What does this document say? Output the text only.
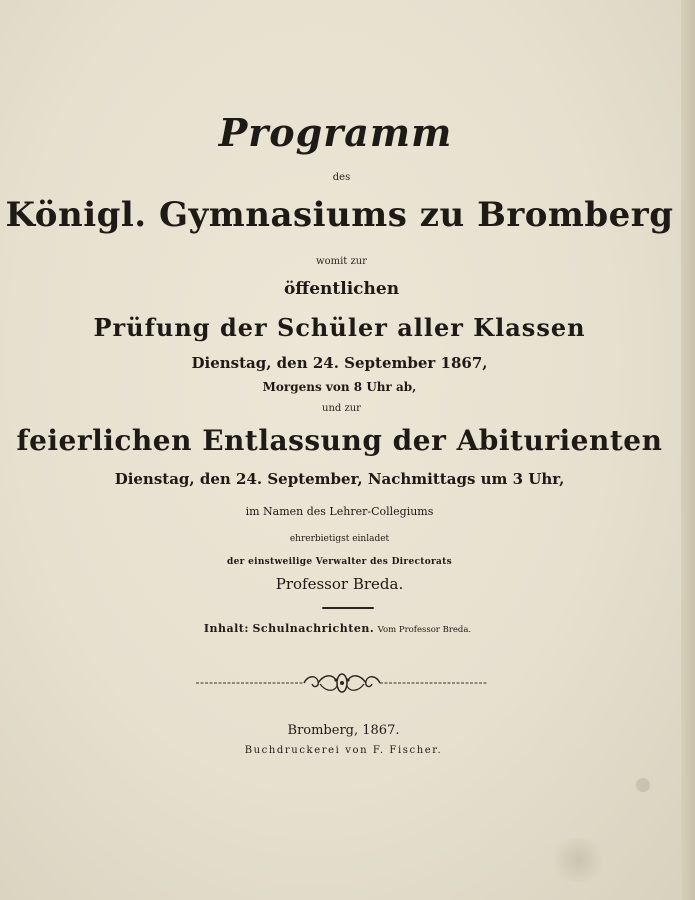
Programm
des
Königl. Gymnasiums zu Bromberg

womit zur
öffentlichen
Prüfung der Schüler aller Klassen
Dienstag, den 24. September 1867,
Morgens von 8 Uhr ab,
und zur
feierlichen Entlassung der Abiturienten
Dienstag, den 24. September, Nachmittags um 3 Uhr,
im Namen des Lehrer-Collegiums
ehrerbietigst einladet
der einstweilige Verwalter des Directorats
Professor Breda.
Inhalt: Schulnachrichten. Vom Professor Breda.
Bromberg, 1867.
Buchdruckerei von F. Fischer.
